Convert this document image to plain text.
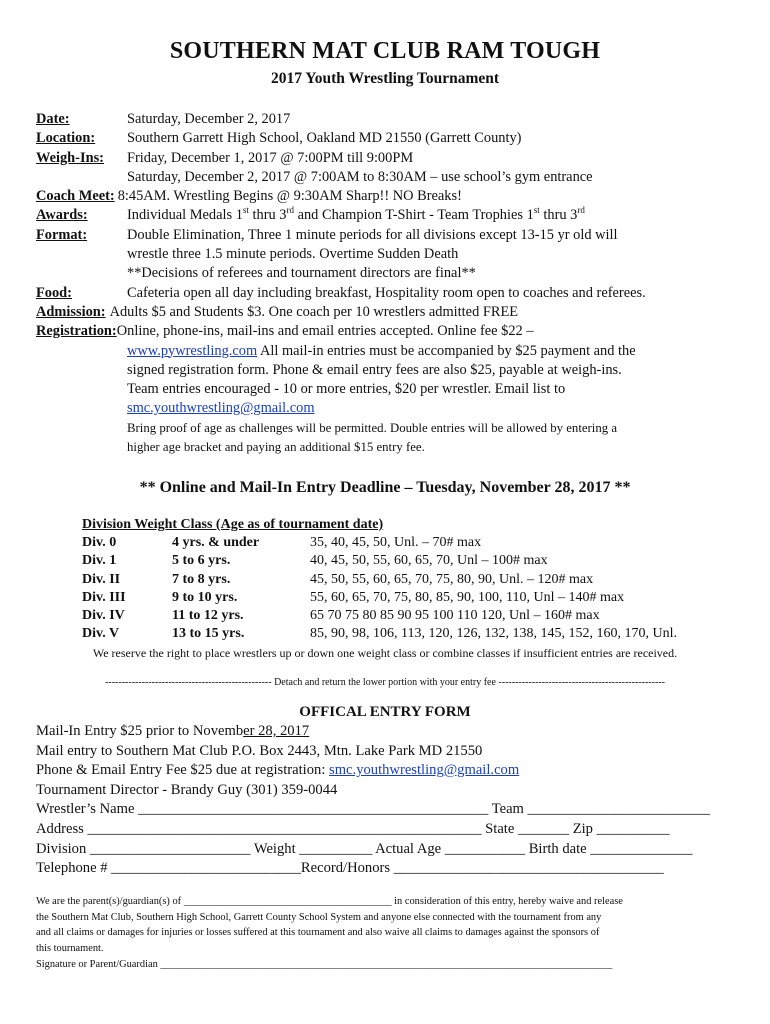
SOUTHERN MAT CLUB RAM TOUGH
2017 Youth Wrestling Tournament
Date:	Saturday, December 2, 2017
Location:	Southern Garrett High School, Oakland MD 21550 (Garrett County)
Weigh-Ins:	Friday, December 1, 2017 @ 7:00PM till 9:00PM
Saturday, December 2, 2017 @ 7:00AM to 8:30AM – use school’s gym entrance
Coach Meet: 8:45AM. Wrestling Begins @ 9:30AM Sharp!! NO Breaks!
Awards:	Individual Medals 1st thru 3rd and Champion T-Shirt - Team Trophies 1st thru 3rd
Format:	Double Elimination, Three 1 minute periods for all divisions except 13-15 yr old will
wrestle three 1.5 minute periods. Overtime Sudden Death
**Decisions of referees and tournament directors are final**
Food:	Cafeteria open all day including breakfast, Hospitality room open to coaches and referees.
Admission: Adults $5 and Students $3. One coach per 10 wrestlers admitted FREE
Registration: Online, phone-ins, mail-ins and email entries accepted. Online fee $22 –
www.pywrestling.com All mail-in entries must be accompanied by $25 payment and the
signed registration form. Phone & email entry fees are also $25, payable at weigh-ins.
Team entries encouraged - 10 or more entries, $20 per wrestler. Email list to
smc.youthwrestling@gmail.com
Bring proof of age as challenges will be permitted. Double entries will be allowed by entering a
higher age bracket and paying an additional $15 entry fee.
** Online and Mail-In Entry Deadline – Tuesday, November 28, 2017 **
Division Weight Class (Age as of tournament date)
Div. 0	4 yrs. & under	35, 40, 45, 50, Unl. – 70# max
Div. 1	5 to 6 yrs.	40, 45, 50, 55, 60, 65, 70, Unl – 100# max
Div. II	7 to 8 yrs.	45, 50, 55, 60, 65, 70, 75, 80, 90, Unl. – 120# max
Div. III	9 to 10 yrs.	55, 60, 65, 70, 75, 80, 85, 90, 100, 110, Unl – 140# max
Div. IV	11 to 12 yrs.	65 70 75 80 85 90 95 100 110 120, Unl – 160# max
Div. V	13 to 15 yrs.	85, 90, 98, 106, 113, 120, 126, 132, 138, 145, 152, 160, 170, Unl.
We reserve the right to place wrestlers up or down one weight class or combine classes if insufficient entries are received.
-------------------------------------------------- Detach and return the lower portion with your entry fee --------------------------------------------------
OFFICAL ENTRY FORM
Mail-In Entry $25 prior to November 28, 2017
Mail entry to Southern Mat Club P.O. Box 2443, Mtn. Lake Park MD 21550
Phone & Email Entry Fee $25 due at registration: smc.youthwrestling@gmail.com
Tournament Director - Brandy Guy (301) 359-0044
Wrestler’s Name ________________________________________________ Team _________________________
Address ______________________________________________________ State _______ Zip __________
Division ______________________ Weight __________ Actual Age ___________ Birth date ______________
Telephone # __________________________Record/Honors _____________________________________

We are the parent(s)/guardian(s) of ________________________________________ in consideration of this entry, hereby waive and release

the Southern Mat Club, Southern High School, Garrett County School System and anyone else connected with the tournament from any

and all claims or damages for injuries or losses suffered at this tournament and also waive all claims to damages against the sponsors of

this tournament.

Signature or Parent/Guardian _______________________________________________________________________________________
